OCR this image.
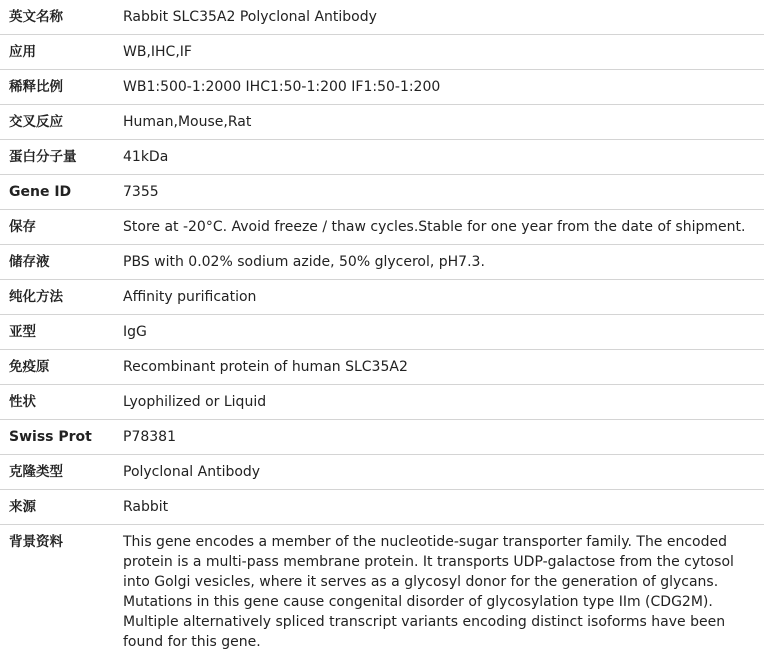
英文名称	Rabbit SLC35A2 Polyclonal Antibody
应用	WB,IHC,IF
稀释比例	WB1:500-1:2000 IHC1:50-1:200 IF1:50-1:200
交叉反应	Human,Mouse,Rat
蛋白分子量	41kDa
Gene ID	7355
保存	Store at -20°C. Avoid freeze / thaw cycles.Stable for one year from the date of shipment.
储存液	PBS with 0.02% sodium azide, 50% glycerol, pH7.3.
纯化方法	Affinity purification
亚型	IgG
免疫原	Recombinant protein of human SLC35A2
性状	Lyophilized or Liquid
Swiss Prot	P78381
克隆类型	Polyclonal Antibody
来源	Rabbit
背景资料	This gene encodes a member of the nucleotide-sugar transporter family. The encoded protein is a multi-pass membrane protein. It transports UDP-galactose from the cytosol into Golgi vesicles, where it serves as a glycosyl donor for the generation of glycans. Mutations in this gene cause congenital disorder of glycosylation type IIm (CDG2M). Multiple alternatively spliced transcript variants encoding distinct isoforms have been found for this gene.
